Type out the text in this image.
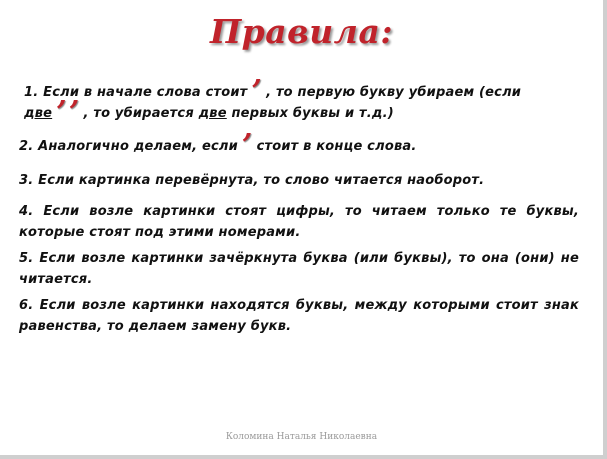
Правила:
1. Если в начале слова стоит ’ , то первую букву убираем (если
две ’’ , то убирается две первых буквы и т.д.)
2. Аналогично делаем, если ’ стоит в конце слова.
3. Если картинка перевёрнута, то слово читается наоборот.
4. Если возле картинки стоят цифры, то читаем только те буквы, которые стоят под этими номерами.
5. Если возле картинки зачёркнута буква (или буквы), то она (они) не читается.
6. Если возле картинки находятся буквы, между которыми стоит знак равенства, то делаем замену букв.
Коломина Наталья Николаевна
